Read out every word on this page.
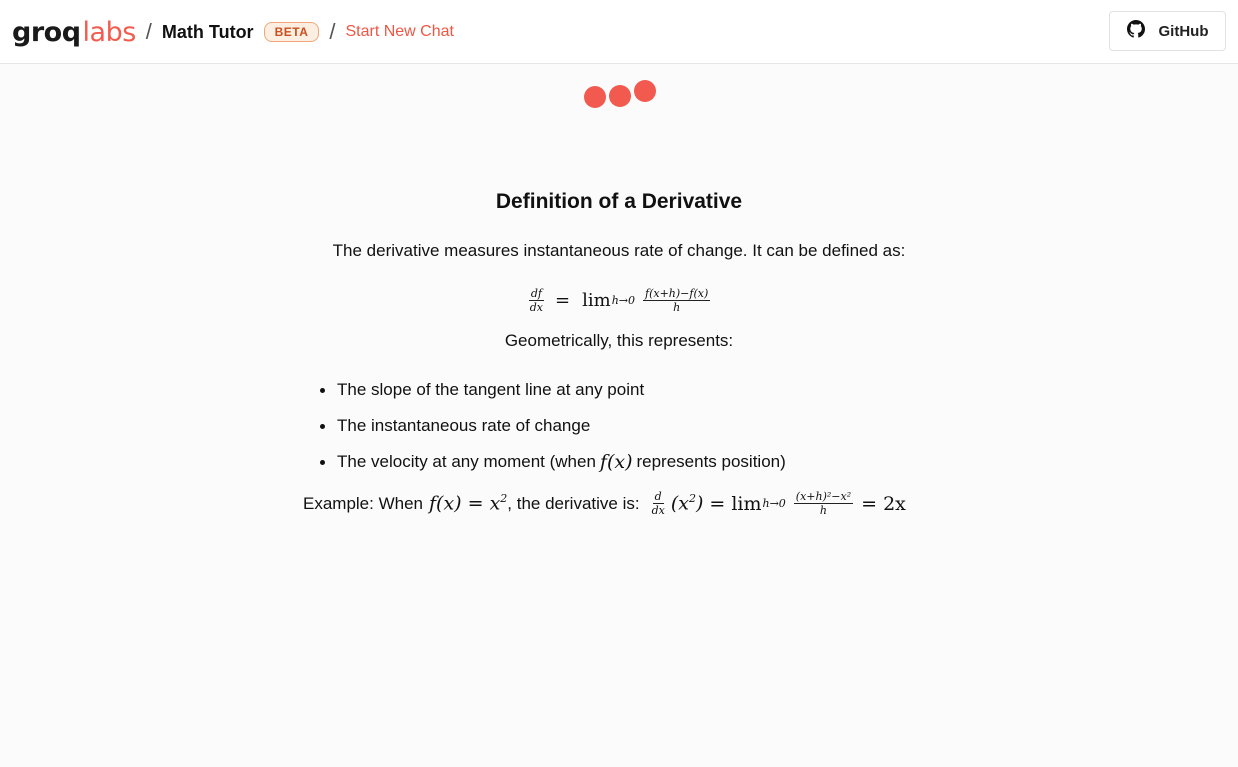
groq labs / Math Tutor	BETA / Start New Chat	GitHub
Definition of a Derivative
The derivative measures instantaneous rate of change. It can be defined as:
$\frac{df}{dx} = \lim h\to 0 \frac{f(x+h)-f(x)}{h}$
Geometrically, this represents:
The slope of the tangent line at any point
The instantaneous rate of change
The velocity at any moment (when f(x) represents position)
Example: When $f(x) = x^2$ , the derivative is: $\frac{d}{dx} (x^2) = \lim h\to 0 \frac{\text{(x+h)²−x²}}{h} = 2x$
